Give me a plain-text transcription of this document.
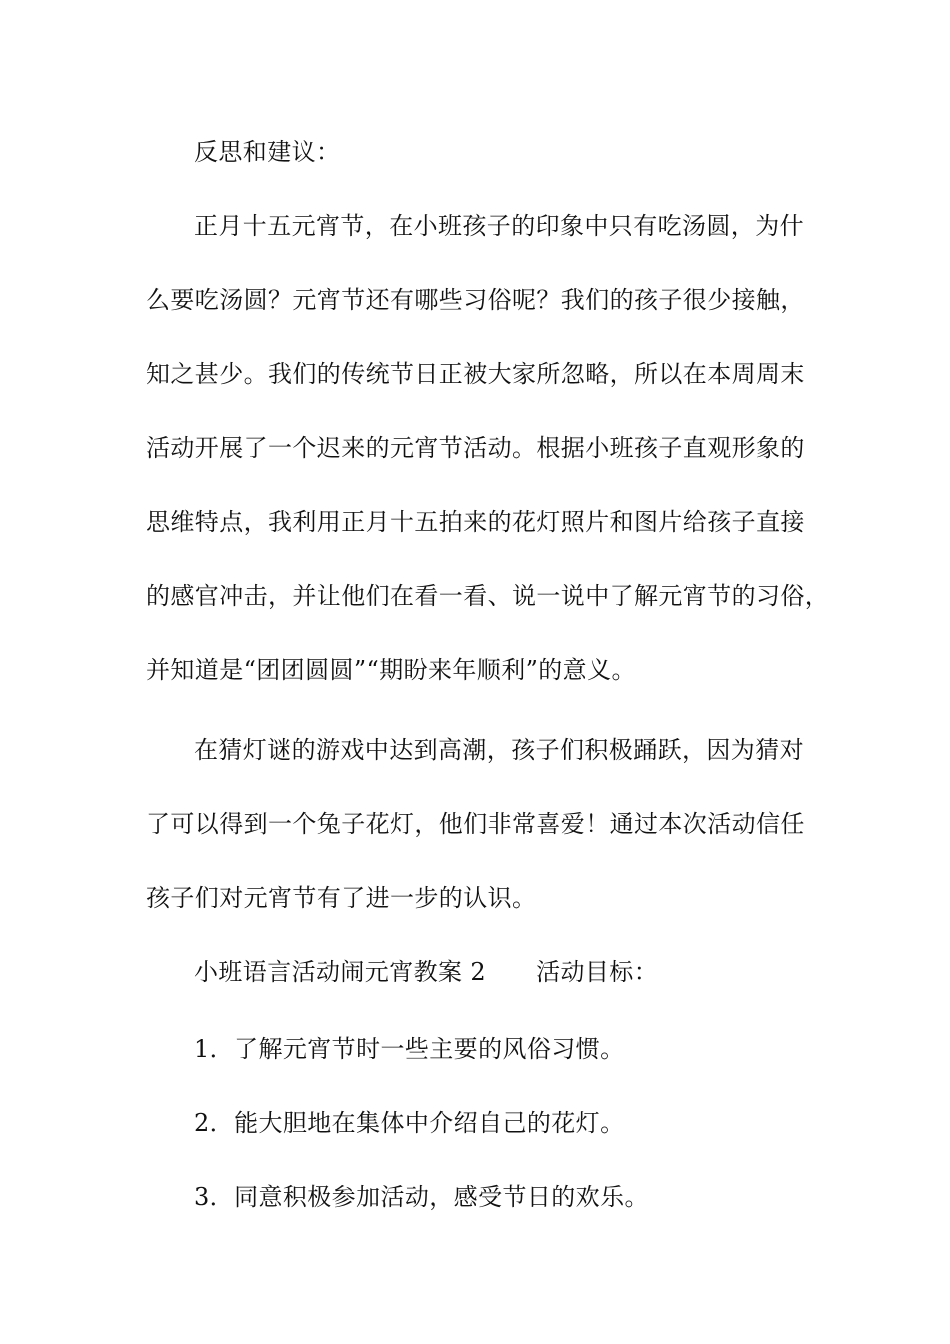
反思和建议：
正月十五元宵节，在小班孩子的印象中只有吃汤圆，为什
么要吃汤圆？元宵节还有哪些习俗呢？我们的孩子很少接触，
知之甚少。我们的传统节日正被大家所忽略，所以在本周周末
活动开展了一个迟来的元宵节活动。根据小班孩子直观形象的
思维特点，我利用正月十五拍来的花灯照片和图片给孩子直接
的感官冲击，并让他们在看一看、说一说中了解元宵节的习俗，
并知道是“团团圆圆”“期盼来年顺利”的意义。
在猜灯谜的游戏中达到高潮，孩子们积极踊跃，因为猜对
了可以得到一个兔子花灯，他们非常喜爱！通过本次活动信任
孩子们对元宵节有了进一步的认识。
小班语言活动闹元宵教案 2 活动目标：
1．了解元宵节时一些主要的风俗习惯。
2．能大胆地在集体中介绍自己的花灯。
3．同意积极参加活动，感受节日的欢乐。
